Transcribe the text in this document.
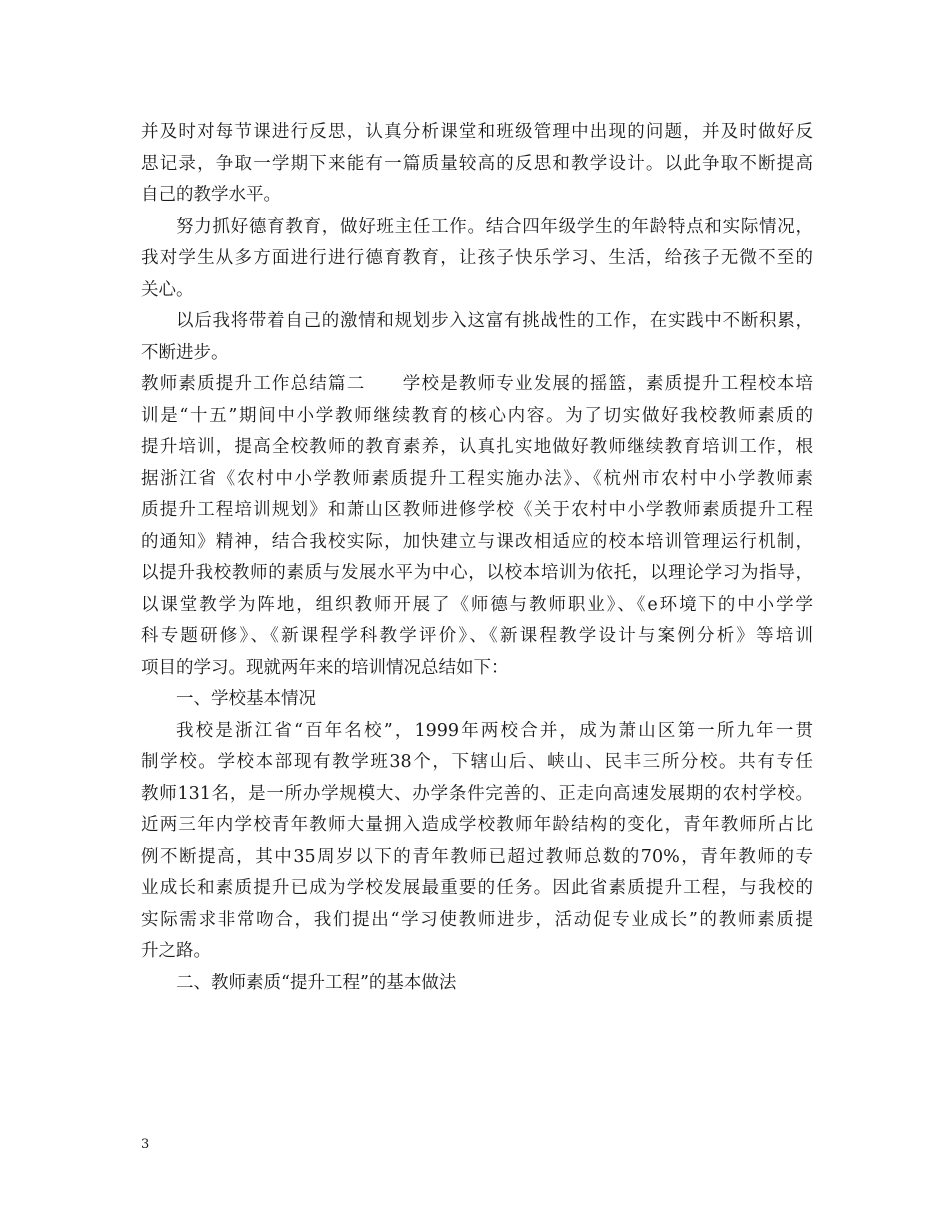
并及时对每节课进行反思，认真分析课堂和班级管理中出现的问题，并及时做好反
思记录，争取一学期下来能有一篇质量较高的反思和教学设计。以此争取不断提高
自己的教学水平。
努力抓好德育教育，做好班主任工作。结合四年级学生的年龄特点和实际情况，
我对学生从多方面进行进行德育教育，让孩子快乐学习、生活，给孩子无微不至的
关心。
以后我将带着自己的激情和规划步入这富有挑战性的工作，在实践中不断积累，
不断进步。
教师素质提升工作总结篇二　　学校是教师专业发展的摇篮，素质提升工程校本培
训是“十五”期间中小学教师继续教育的核心内容。为了切实做好我校教师素质的
提升培训，提高全校教师的教育素养，认真扎实地做好教师继续教育培训工作，根
据浙江省《农村中小学教师素质提升工程实施办法》、《杭州市农村中小学教师素
质提升工程培训规划》和萧山区教师进修学校《关于农村中小学教师素质提升工程
的通知》精神，结合我校实际，加快建立与课改相适应的校本培训管理运行机制，
以提升我校教师的素质与发展水平为中心，以校本培训为依托，以理论学习为指导，
以课堂教学为阵地，组织教师开展了《师德与教师职业》、《e环境下的中小学学
科专题研修》、《新课程学科教学评价》、《新课程教学设计与案例分析》等培训
项目的学习。现就两年来的培训情况总结如下：
一、学校基本情况
我校是浙江省“百年名校”，1999年两校合并，成为萧山区第一所九年一贯
制学校。学校本部现有教学班38个，下辖山后、峡山、民丰三所分校。共有专任
教师131名，是一所办学规模大、办学条件完善的、正走向高速发展期的农村学校。
近两三年内学校青年教师大量拥入造成学校教师年龄结构的变化，青年教师所占比
例不断提高，其中35周岁以下的青年教师已超过教师总数的70%，青年教师的专
业成长和素质提升已成为学校发展最重要的任务。因此省素质提升工程，与我校的
实际需求非常吻合，我们提出“学习使教师进步，活动促专业成长”的教师素质提
升之路。
二、教师素质“提升工程”的基本做法
3
